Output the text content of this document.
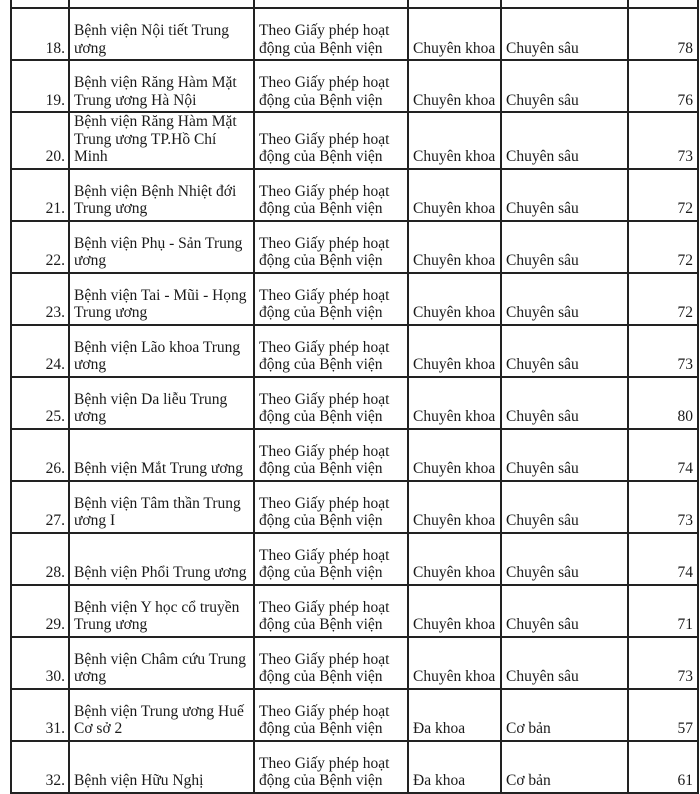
18.	Bệnh viện Nội tiết Trung ương	Theo Giấy phép hoạt động của Bệnh viện	Chuyên khoa	Chuyên sâu	78
19.	Bệnh viện Răng Hàm Mặt Trung ương Hà Nội	Theo Giấy phép hoạt động của Bệnh viện	Chuyên khoa	Chuyên sâu	76
20.	Bệnh viện Răng Hàm Mặt Trung ương TP.Hồ Chí Minh	Theo Giấy phép hoạt động của Bệnh viện	Chuyên khoa	Chuyên sâu	73
21.	Bệnh viện Bệnh Nhiệt đới Trung ương	Theo Giấy phép hoạt động của Bệnh viện	Chuyên khoa	Chuyên sâu	72
22.	Bệnh viện Phụ - Sản Trung ương	Theo Giấy phép hoạt động của Bệnh viện	Chuyên khoa	Chuyên sâu	72
23.	Bệnh viện Tai - Mũi - Họng Trung ương	Theo Giấy phép hoạt động của Bệnh viện	Chuyên khoa	Chuyên sâu	72
24.	Bệnh viện Lão khoa Trung ương	Theo Giấy phép hoạt động của Bệnh viện	Chuyên khoa	Chuyên sâu	73
25.	Bệnh viện Da liễu Trung ương	Theo Giấy phép hoạt động của Bệnh viện	Chuyên khoa	Chuyên sâu	80
26.	Bệnh viện Mắt Trung ương	Theo Giấy phép hoạt động của Bệnh viện	Chuyên khoa	Chuyên sâu	74
27.	Bệnh viện Tâm thần Trung ương I	Theo Giấy phép hoạt động của Bệnh viện	Chuyên khoa	Chuyên sâu	73
28.	Bệnh viện Phổi Trung ương	Theo Giấy phép hoạt động của Bệnh viện	Chuyên khoa	Chuyên sâu	74
29.	Bệnh viện Y học cổ truyền Trung ương	Theo Giấy phép hoạt động của Bệnh viện	Chuyên khoa	Chuyên sâu	71
30.	Bệnh viện Châm cứu Trung ương	Theo Giấy phép hoạt động của Bệnh viện	Chuyên khoa	Chuyên sâu	73
31.	Bệnh viện Trung ương Huế Cơ sở 2	Theo Giấy phép hoạt động của Bệnh viện	Đa khoa	Cơ bản	57
32.	Bệnh viện Hữu Nghị	Theo Giấy phép hoạt động của Bệnh viện	Đa khoa	Cơ bản	61
